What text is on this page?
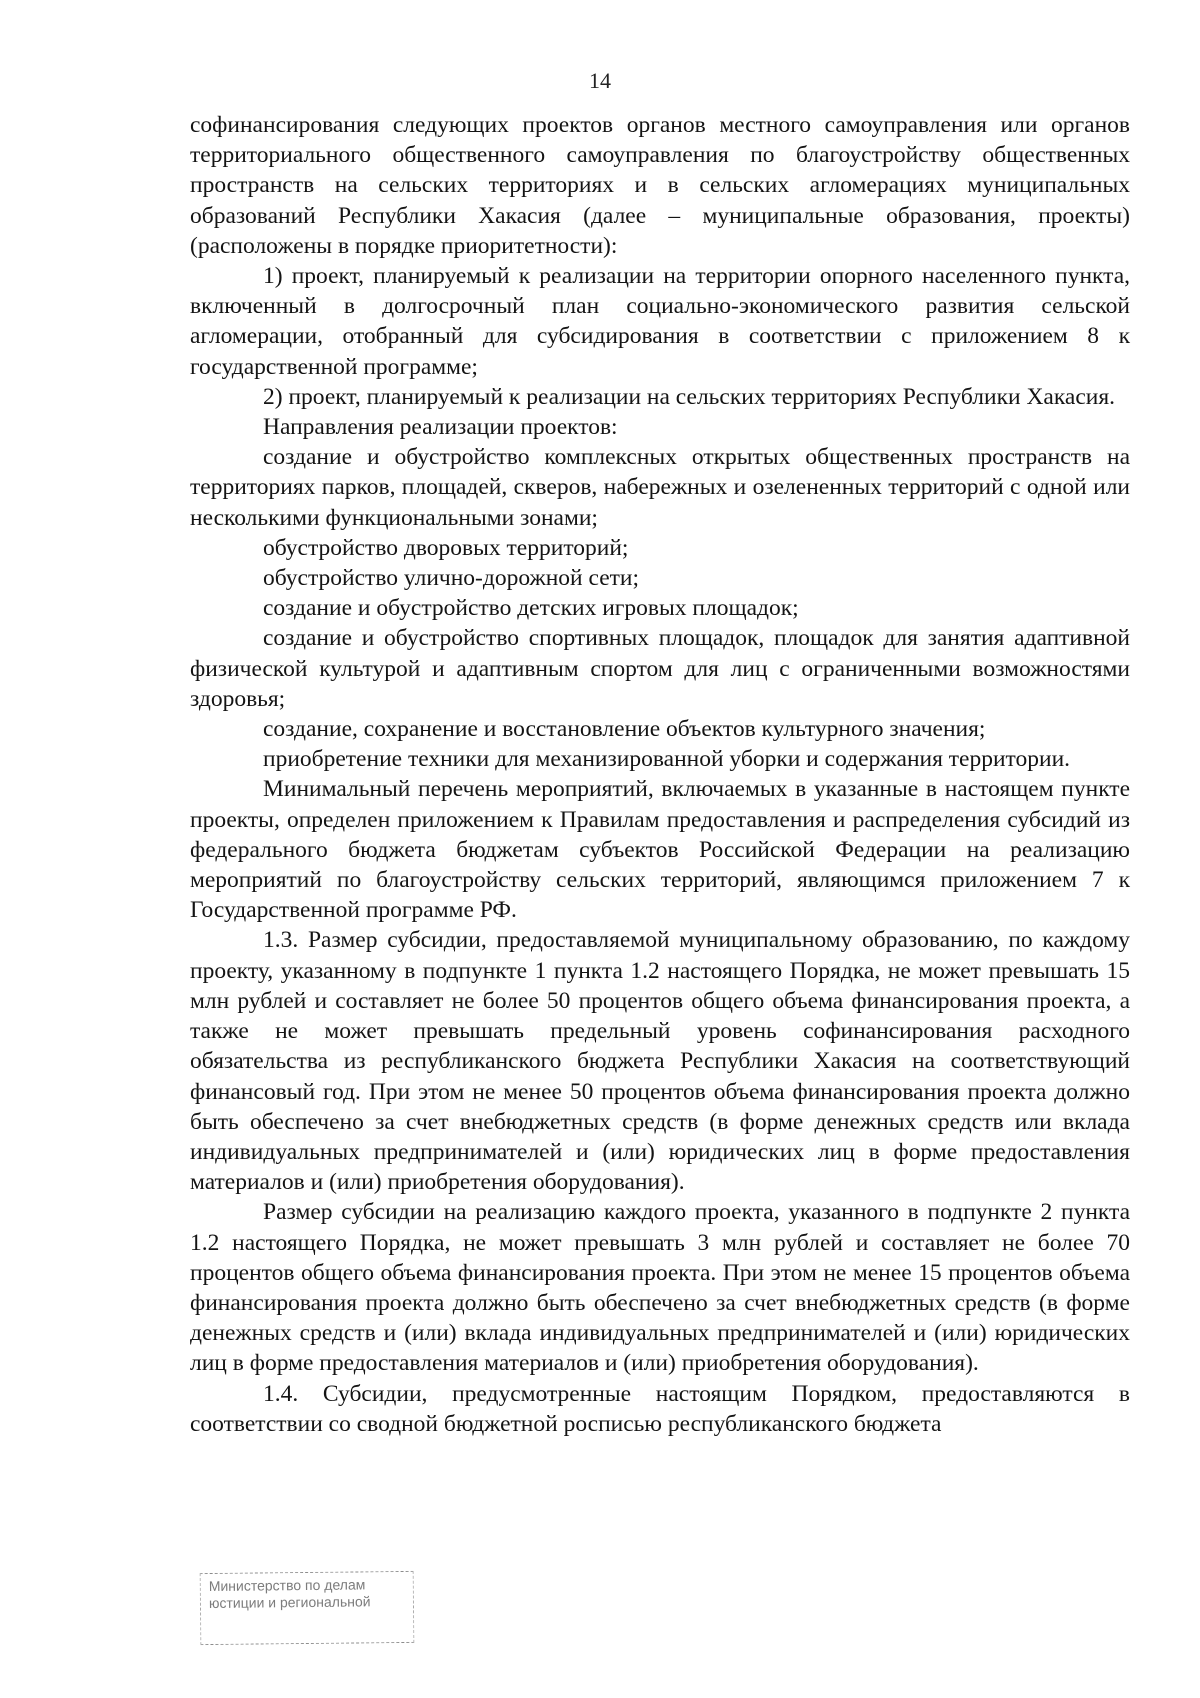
14

софинансирования следующих проектов органов местного самоуправления или органов территориального общественного самоуправления по благоустройству общественных пространств на сельских территориях и в сельских агломерациях муниципальных образований Республики Хакасия (далее – муниципальные образования, проекты) (расположены в порядке приоритетности):

1) проект, планируемый к реализации на территории опорного населенного пункта, включенный в долгосрочный план социально-экономического развития сельской агломерации, отобранный для субсидирования в соответствии с приложением 8 к государственной программе;

2) проект, планируемый к реализации на сельских территориях Республики Хакасия.

Направления реализации проектов:

создание и обустройство комплексных открытых общественных пространств на территориях парков, площадей, скверов, набережных и озелененных территорий с одной или несколькими функциональными зонами;

обустройство дворовых территорий;

обустройство улично-дорожной сети;

создание и обустройство детских игровых площадок;

создание и обустройство спортивных площадок, площадок для занятия адаптивной физической культурой и адаптивным спортом для лиц с ограниченными возможностями здоровья;

создание, сохранение и восстановление объектов культурного значения;

приобретение техники для механизированной уборки и содержания территории.

Минимальный перечень мероприятий, включаемых в указанные в настоящем пункте проекты, определен приложением к Правилам предоставления и распределения субсидий из федерального бюджета бюджетам субъектов Российской Федерации на реализацию мероприятий по благоустройству сельских территорий, являющимся приложением 7 к Государственной программе РФ.

1.3. Размер субсидии, предоставляемой муниципальному образованию, по каждому проекту, указанному в подпункте 1 пункта 1.2 настоящего Порядка, не может превышать 15 млн рублей и составляет не более 50 процентов общего объема финансирования проекта, а также не может превышать предельный уровень софинансирования расходного обязательства из республиканского бюджета Республики Хакасия на соответствующий финансовый год. При этом не менее 50 процентов объема финансирования проекта должно быть обеспечено за счет внебюджетных средств (в форме денежных средств или вклада индивидуальных предпринимателей и (или) юридических лиц в форме предоставления материалов и (или) приобретения оборудования).

Размер субсидии на реализацию каждого проекта, указанного в подпункте 2 пункта 1.2 настоящего Порядка, не может превышать 3 млн рублей и составляет не более 70 процентов общего объема финансирования проекта. При этом не менее 15 процентов объема финансирования проекта должно быть обеспечено за счет внебюджетных средств (в форме денежных средств и (или) вклада индивидуальных предпринимателей и (или) юридических лиц в форме предоставления материалов и (или) приобретения оборудования).

1.4. Субсидии, предусмотренные настоящим Порядком, предоставляются в соответствии со сводной бюджетной росписью республиканского бюджета

Министерство по делам
юстиции и региональной
